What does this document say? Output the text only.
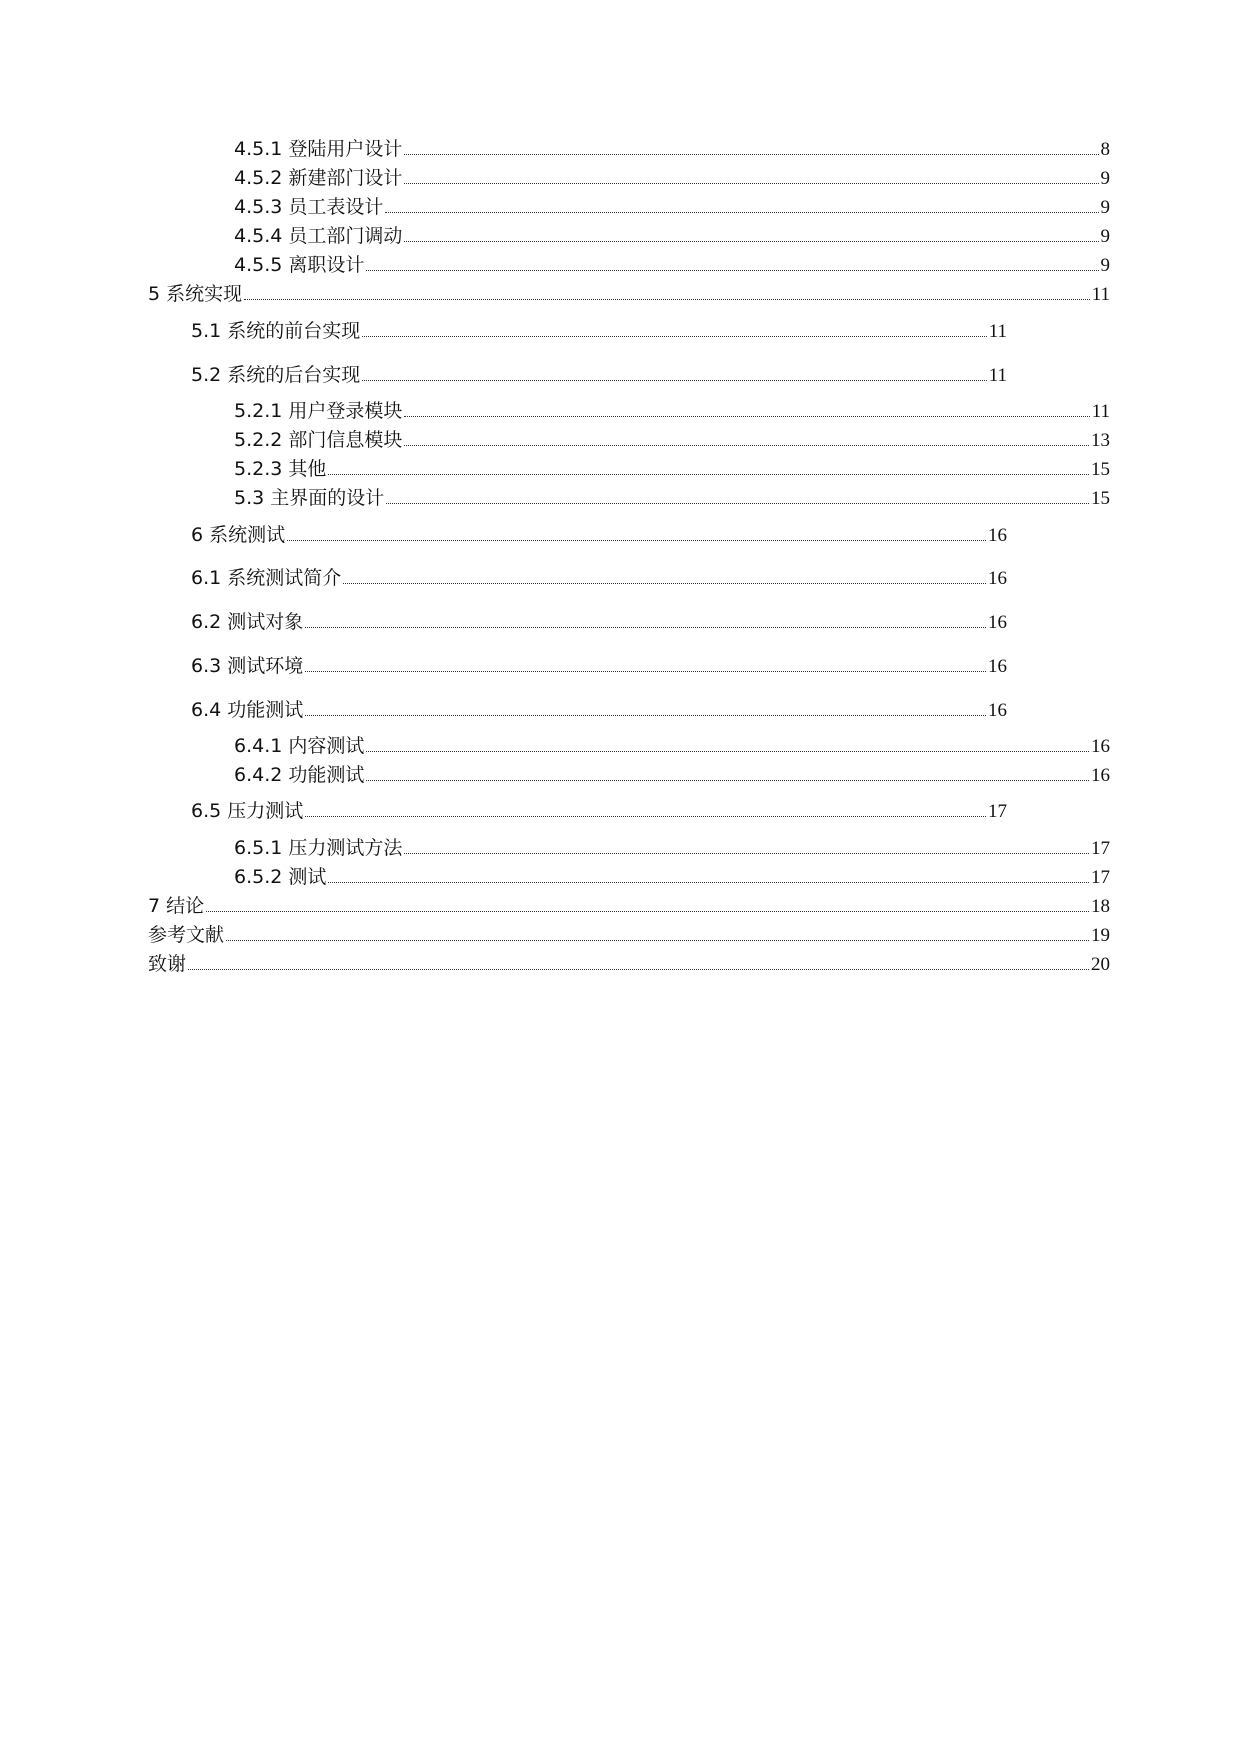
4.5.1 登陆用户设计	8
4.5.2 新建部门设计	9
4.5.3 员工表设计	9
4.5.4 员工部门调动	9
4.5.5 离职设计	9
5 系统实现	11
5.1 系统的前台实现	11
5.2 系统的后台实现	11
5.2.1 用户登录模块	11
5.2.2 部门信息模块	13
5.2.3 其他	15
5.3 主界面的设计	15
6 系统测试	16
6.1 系统测试简介	16
6.2 测试对象	16
6.3 测试环境	16
6.4 功能测试	16
6.4.1 内容测试	16
6.4.2 功能测试	16
6.5 压力测试	17
6.5.1 压力测试方法	17
6.5.2 测试	17
7 结论	18
参考文献	19
致谢	20
